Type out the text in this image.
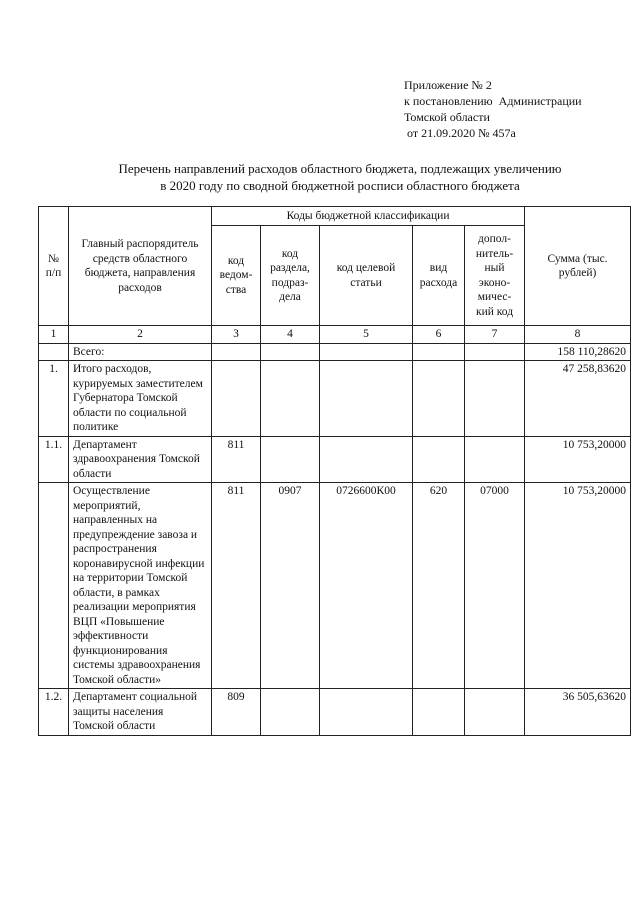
Приложение № 2
к постановлению  Администрации
Томской области
от 21.09.2020 № 457а
Перечень направлений расходов областного бюджета, подлежащих увеличению
в 2020 году по сводной бюджетной росписи областного бюджета
№ п/п	Главный распорядитель средств областного бюджета, направления расходов	Коды бюджетной классификации					Сумма (тыс. рублей)
		код ведом-ства	код раздела, подраз-дела	код целевой статьи	вид расхода	допол-нитель-ный эконо-мичес-кий код	
1	2	3	4	5	6	7	8
	Всего:						158 110,28620
1.	Итого расходов, курируемых заместителем Губернатора Томской области по социальной политике						47 258,83620
1.1.	Департамент здравоохранения Томской области	811					10 753,20000
	Осуществление мероприятий, направленных на предупреждение завоза и распространения коронавирусной инфекции на территории Томской области, в рамках реализации мероприятия ВЦП «Повышение эффективности функционирования системы здравоохранения Томской области»	811	0907	0726600К00	620	07000	10 753,20000
1.2.	Департамент социальной защиты населения Томской области	809					36 505,63620
